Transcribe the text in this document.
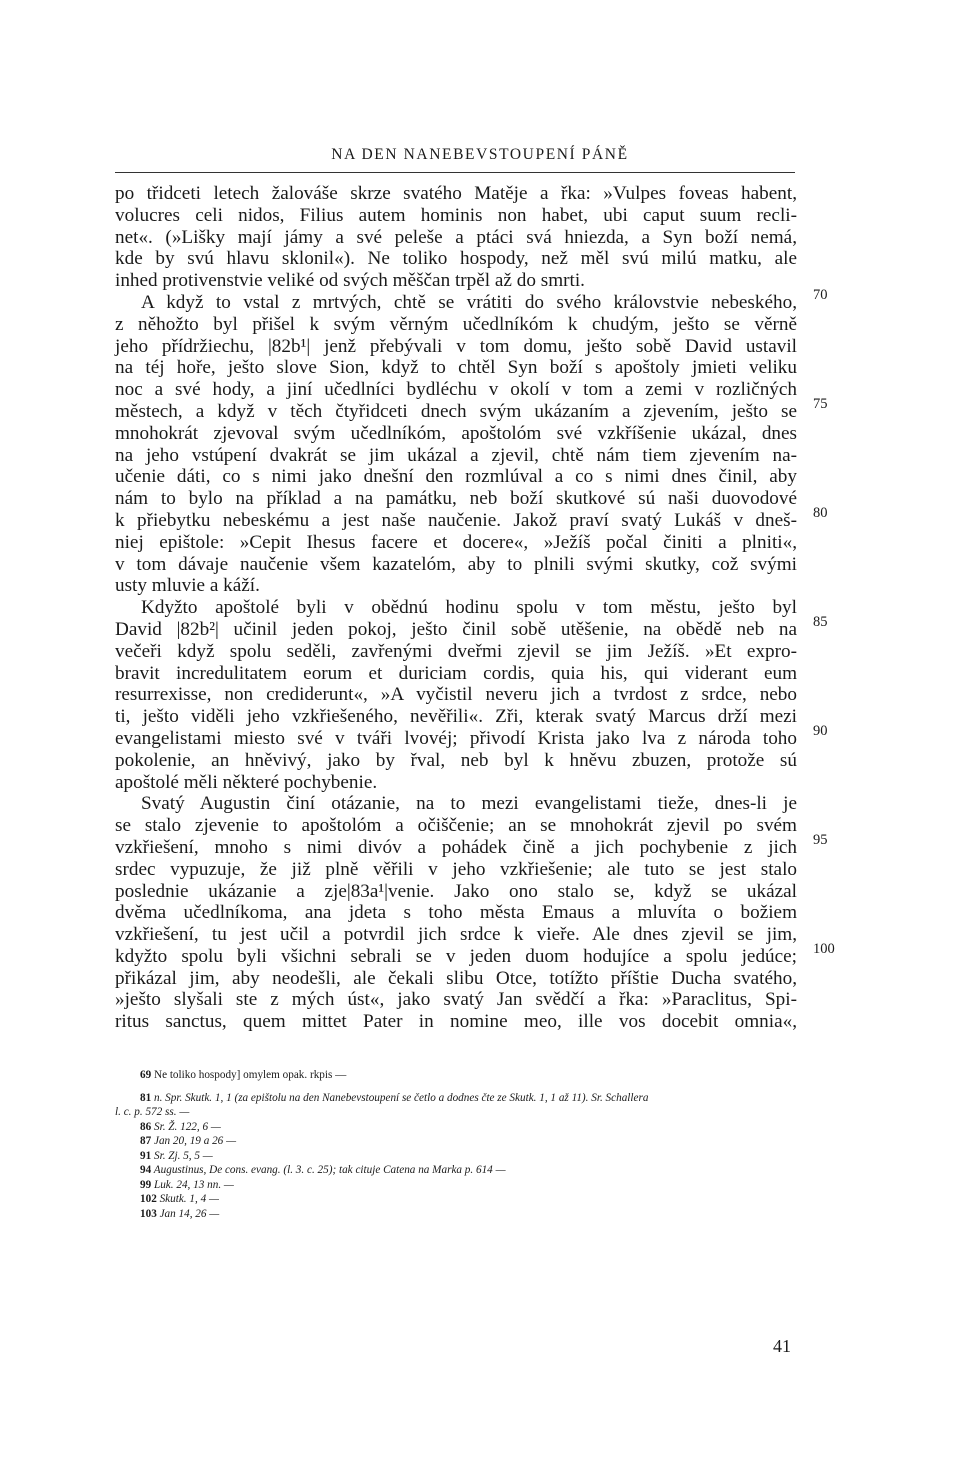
NA DEN NANEBEVSTOUPENÍ PÁNĚ
po třidceti letech žalováše skrze svatého Matěje a řka: »Vulpes foveas habent,
volucres celi nidos, Filius autem hominis non habet, ubi caput suum recli-
net«. (»Lišky mají jámy a své peleše a ptáci svá hniezda, a Syn boží nemá,
kde by svú hlavu sklonil«). Ne toliko hospody, než měl svú milú matku, ale
inhed protivenstvie veliké od svých měščan trpěl až do smrti.
A když to vstal z mrtvých, chtě se vrátiti do svého královstvie nebeského,
z něhožto byl přišel k svým věrným učedlníkóm k chudým, ješto se věrně
jeho přídržiechu, |82b¹| jenž přebývali v tom domu, ješto sobě David ustavil
na téj hoře, ješto slove Sion, když to chtěl Syn boží s apoštoly jmieti veliku
noc a své hody, a jiní učedlníci bydléchu v okolí v tom a zemi v rozličných
městech, a když v těch čtyřidceti dnech svým ukázaním a zjevením, ješto se
mnohokrát zjevoval svým učedlníkóm, apoštolóm své vzkříšenie ukázal, dnes
na jeho vstúpení dvakrát se jim ukázal a zjevil, chtě nám tiem zjevením na-
učenie dáti, co s nimi jako dnešní den rozmlúval a co s nimi dnes činil, aby
nám to bylo na příklad a na památku, neb boží skutkové sú naši duovodové
k přiebytku nebeskému a jest naše naučenie. Jakož praví svatý Lukáš v dneš-
niej epištole: »Cepit Ihesus facere et docere«, »Ježíš počal činiti a plniti«,
v tom dávaje naučenie všem kazatelóm, aby to plnili svými skutky, což svými
usty mluvie a káží.
Kdyžto apoštolé byli v obědnú hodinu spolu v tom městu, ješto byl
David |82b²| učinil jeden pokoj, ješto činil sobě utěšenie, na obědě neb na
večeři když spolu seděli, zavřenými dveřmi zjevil se jim Ježíš. »Et expro-
bravit incredulitatem eorum et duriciam cordis, quia his, qui viderant eum
resurrexisse, non crediderunt«, »A vyčistil neveru jich a tvrdost z srdce, nebo
ti, ješto viděli jeho vzkřiešeného, nevěřili«. Zři, kterak svatý Marcus drží mezi
evangelistami miesto své v tváři lvovéj; přivodí Krista jako lva z národa toho
pokolenie, an hněvivý, jako by řval, neb byl k hněvu zbuzen, protože sú
apoštolé měli některé pochybenie.
Svatý Augustin činí otázanie, na to mezi evangelistami tieže, dnes-li je
se stalo zjevenie to apoštolóm a očiščenie; an se mnohokrát zjevil po svém
vzkřiešení, mnoho s nimi divóv a pohádek čině a jich pochybenie z jich
srdec vypuzuje, že již plně věřili v jeho vzkřiešenie; ale tuto se jest stalo
poslednie ukázanie a zje|83a¹|venie. Jako ono stalo se, když se ukázal
dvěma učedlníkoma, ana jdeta s toho města Emaus a mluvíta o božiem
vzkřiešení, tu jest učil a potvrdil jich srdce k vieře. Ale dnes zjevil se jim,
kdyžto spolu byli všichni sebrali se v jeden duom hodujíce a spolu jedúce;
přikázal jim, aby neodešli, ale čekali slibu Otce, totížto příštie Ducha svatého,
»ješto slyšali ste z mých úst«, jako svatý Jan svědčí a řka: »Paraclitus, Spi-
ritus sanctus, quem mittet Pater in nomine meo, ille vos docebit omnia«,
70
75
80
85
90
95
100
69 Ne toliko hospody] omylem opak. rkpis —
81 n. Spr. Skutk. 1, 1 (za epištolu na den Nanebevstoupení se četlo a dodnes čte ze Skutk. 1, 1 až 11). Sr. Schallera
l. c. p. 572 ss. —
86 Sr. Ž. 122, 6 —
87 Jan 20, 19 a 26 —
91 Sr. Zj. 5, 5 —
94 Augustinus, De cons. evang. (l. 3. c. 25); tak cituje Catena na Marka p. 614 —
99 Luk. 24, 13 nn. —
102 Skutk. 1, 4 —
103 Jan 14, 26 —
41
